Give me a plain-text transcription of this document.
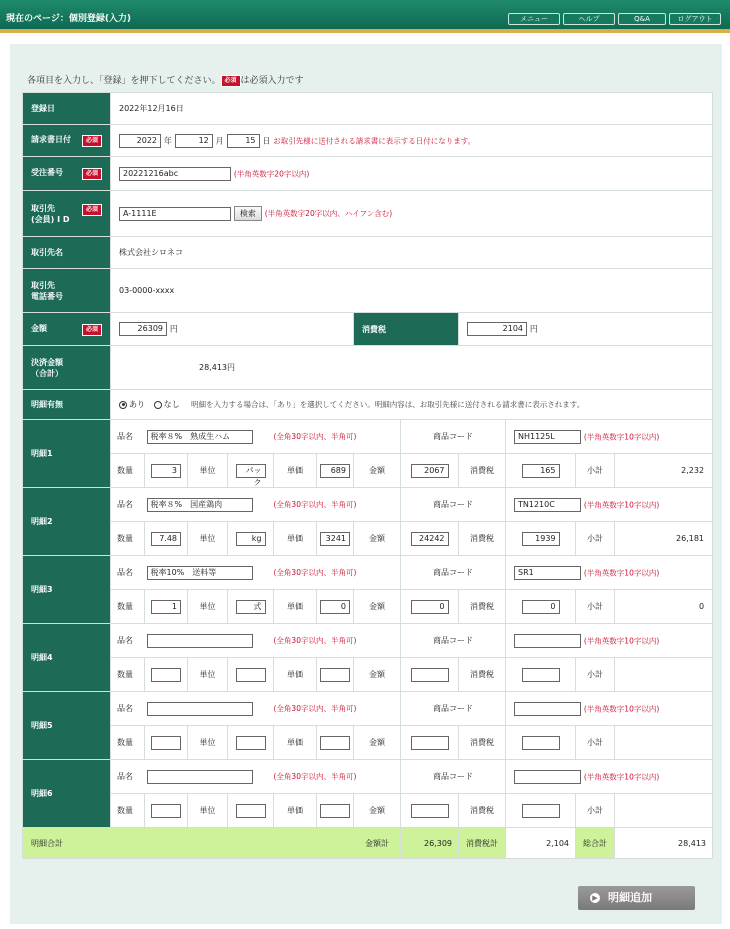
現在のページ：個別登録(入力)	メニュー	ヘルプ	Q&A	ログアウト
各項目を入力し、「登録」を押下してください。 必須 は必須入力です
登録日	2022年12月16日											
請求書日付 必須	2022 年 12 月 15 日 お取引先様に送付される請求書に表示する日付になります。											
受注番号 必須	20221216abc (半角英数字20字以内)											

必須
取引先
(会員) I D	A-1111E 検索 (半角英数字20字以内、ハイフン含む)											
取引先名	株式会社シロネコ											
取引先
電話番号	03-0000-xxxx											
金額 必須	26309 円						消費税		2104 円			
決済金額
（合計）	28,413円											
明細有無	あり なし 明細を入力する場合は、「あり」を選択してください。明細内容は、お取引先様に送付される請求書に表示されます。											
明細1	品名	税率８%　熟成生ハム			(全角30字以内、半角可)			商品コード		NH1125L (半角英数字10字以内)		
	数量	3	単位	パック	単価	689	金額	2067	消費税	165	小計	2,232
明細2	品名	税率８%　国産鶏肉			(全角30字以内、半角可)			商品コード		TN1210C (半角英数字10字以内)		
	数量	7.48	単位	kg	単価	3241	金額	24242	消費税	1939	小計	26,181
明細3	品名	税率10%　送料等			(全角30字以内、半角可)			商品コード		SR1 (半角英数字10字以内)		
	数量	1	単位	式	単価	0	金額	0	消費税	0	小計	0
明細4	品名				(全角30字以内、半角可)			商品コード		(半角英数字10字以内)		
	数量		単位		単価		金額		消費税		小計	
明細5	品名				(全角30字以内、半角可)			商品コード		(半角英数字10字以内)		
	数量		単位		単価		金額		消費税		小計	
明細6	品名				(全角30字以内、半角可)			商品コード		(半角英数字10字以内)		
	数量		単位		単価		金額		消費税		小計	
明細合計							金額計	26,309	消費税計	2,104	総合計	28,413
▶ 明細追加
